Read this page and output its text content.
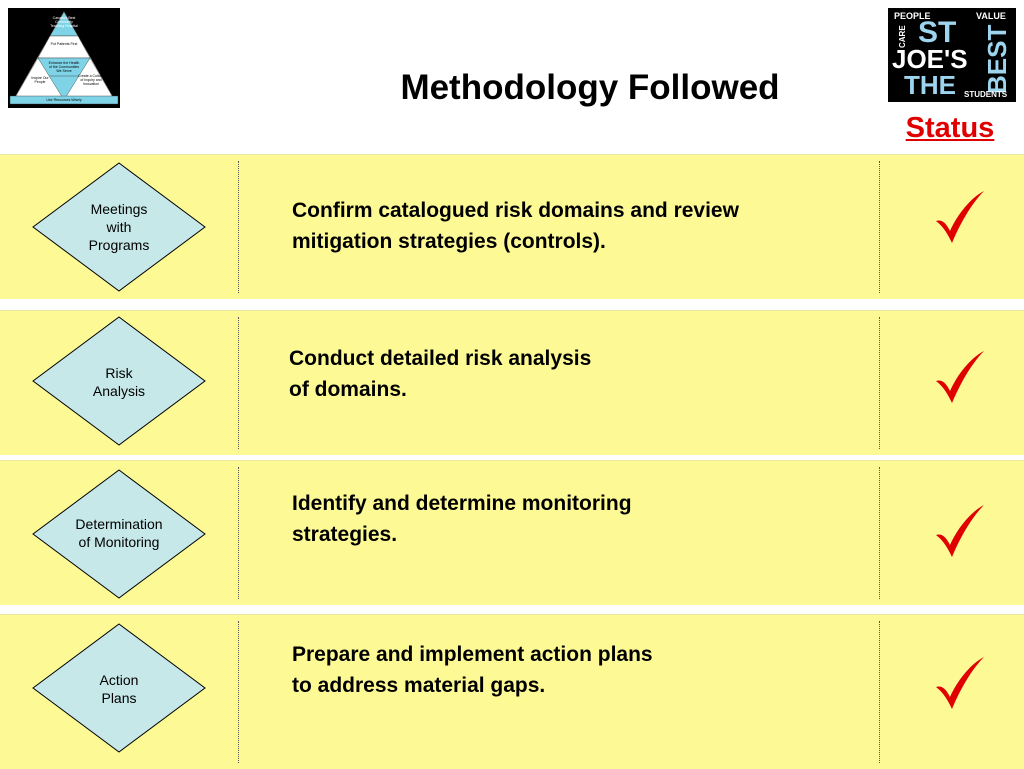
Canada's Best Community Teaching Hospital
Put Patients First
Enhance the Health of the Communities We Serve
Inspire Our People
Create a Culture of Inquiry and Innovation
Use Resources Wisely	Methodology Followed
PEOPLE	VALUE
CARE ST
JOE'S
THE BEST
STUDENTS
Status
Meetings
with
Programs
Confirm catalogued risk domains and review
mitigation strategies (controls).
Risk
Analysis
Conduct detailed risk analysis
of domains.
Determination
of Monitoring
Identify and determine monitoring
strategies.
Action
Plans
Prepare and implement action plans
to address material gaps.
